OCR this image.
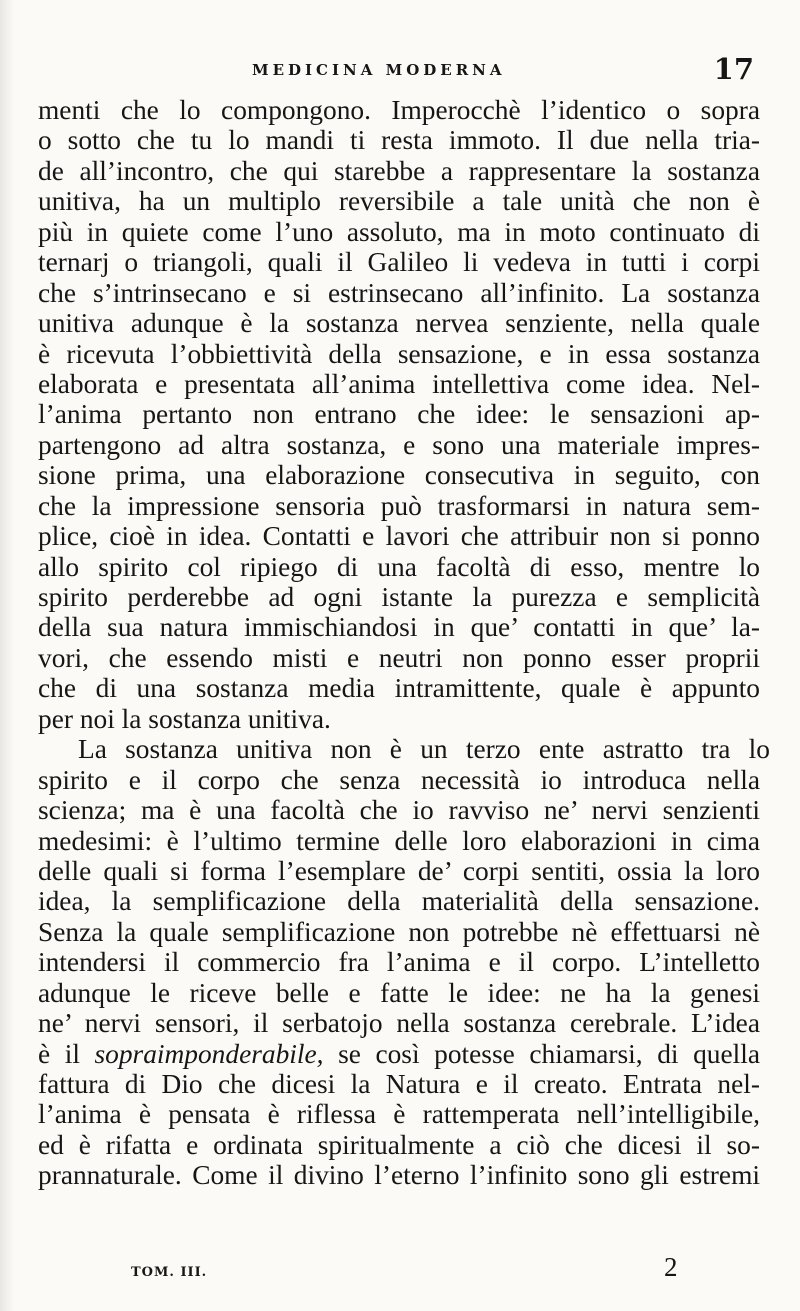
MEDICINA MODERNA	17
menti che lo compongono. Imperocchè l’identico o sopra
o sotto che tu lo mandi ti resta immoto. Il due nella tria-
de all’incontro, che qui starebbe a rappresentare la sostanza
unitiva, ha un multiplo reversibile a tale unità che non è
più in quiete come l’uno assoluto, ma in moto continuato di
ternarj o triangoli, quali il Galileo li vedeva in tutti i corpi
che s’intrinsecano e si estrinsecano all’infinito. La sostanza
unitiva adunque è la sostanza nervea senziente, nella quale
è ricevuta l’obbiettività della sensazione, e in essa sostanza
elaborata e presentata all’anima intellettiva come idea. Nel-
l’anima pertanto non entrano che idee: le sensazioni ap-
partengono ad altra sostanza, e sono una materiale impres-
sione prima, una elaborazione consecutiva in seguito, con
che la impressione sensoria può trasformarsi in natura sem-
plice, cioè in idea. Contatti e lavori che attribuir non si ponno
allo spirito col ripiego di una facoltà di esso, mentre lo
spirito perderebbe ad ogni istante la purezza e semplicità
della sua natura immischiandosi in que’ contatti in que’ la-
vori, che essendo misti e neutri non ponno esser proprii
che di una sostanza media intramittente, quale è appunto
per noi la sostanza unitiva.
La sostanza unitiva non è un terzo ente astratto tra lo
spirito e il corpo che senza necessità io introduca nella
scienza; ma è una facoltà che io ravviso ne’ nervi senzienti
medesimi: è l’ultimo termine delle loro elaborazioni in cima
delle quali si forma l’esemplare de’ corpi sentiti, ossia la loro
idea, la semplificazione della materialità della sensazione.
Senza la quale semplificazione non potrebbe nè effettuarsi nè
intendersi il commercio fra l’anima e il corpo. L’intelletto
adunque le riceve belle e fatte le idee: ne ha la genesi
ne’ nervi sensori, il serbatojo nella sostanza cerebrale. L’idea
è il sopraimponderabile, se così potesse chiamarsi, di quella
fattura di Dio che dicesi la Natura e il creato. Entrata nel-
l’anima è pensata è riflessa è rattemperata nell’intelligibile,
ed è rifatta e ordinata spiritualmente a ciò che dicesi il so-
prannaturale. Come il divino l’eterno l’infinito sono gli estremi
TOM. III.	2
